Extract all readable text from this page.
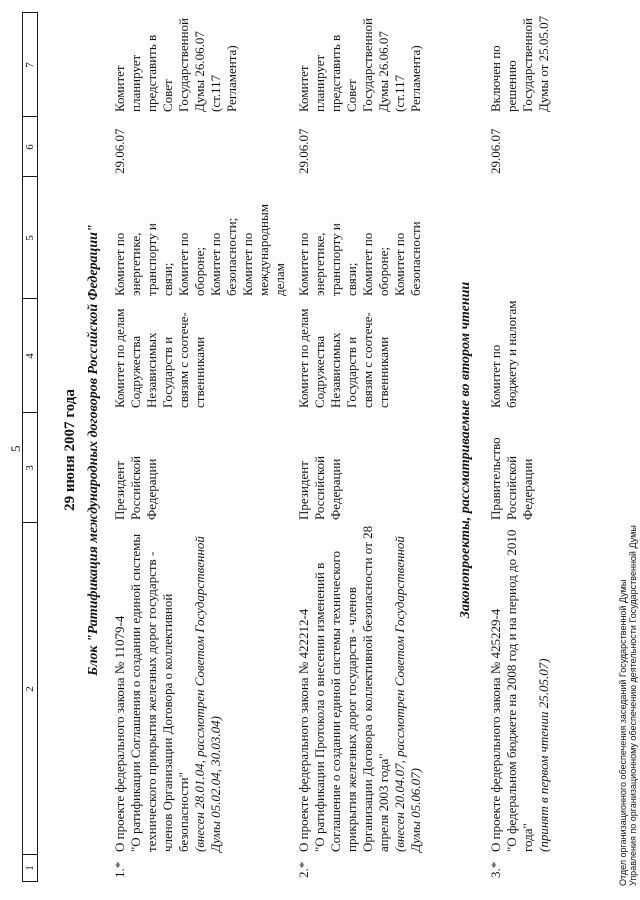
5
1
2
3
4
5
6
7
29 июня 2007 года Блок "Ратификация международных договоров Российской Федерации"
1.*
О проекте федерального закона № 11079-4 "О ратификации Соглашения о создании единой системы технического прикрытия железных дорог государств - членов Организации Договора о коллективной безопасности" (внесен 28.01.04, рассмотрен Советом Государственной Думы 05.02.04, 30.03.04)
Президент Российской Федерации
Комитет по делам Содружества Независимых Государств и связям с соотече- ственниками
Комитет по энергетике, транспорту и связи; Комитет по обороне; Комитет по безопасности; Комитет по международным делам
29.06.07
Комитет планирует представить в Совет Государственной Думы 26.06.07 (ст.117 Регламента)
2.*
О проекте федерального закона № 422212-4 "О ратификации Протокола о внесении изменений в Соглашение о создании единой системы технического прикрытия железных дорог государств - членов Организации Договора о коллективной безопасности от 28 апреля 2003 года" (внесен 20.04.07, рассмотрен Советом Государственной Думы 05.06.07)
Президент Российской Федерации
Комитет по делам Содружества Независимых Государств и связям с соотече- ственниками
Комитет по энергетике, транспорту и связи; Комитет по обороне; Комитет по безопасности
29.06.07
Комитет планирует представить в Совет Государственной Думы 26.06.07 (ст.117 Регламента)
Законопроекты, рассматриваемые во втором чтении
3.*
О проекте федерального закона № 425229-4 "О федеральном бюджете на 2008 год и на период до 2010 года" (принят в первом чтении 25.05.07)
Правительство Российской Федерации
Комитет по бюджету и налогам
29.06.07
Включен по решению Государственной Думы от 25.05.07
Отдел организационного обеспечения заседаний Государственной Думы Управления по организационному обеспечению деятельности Государственной Думы
